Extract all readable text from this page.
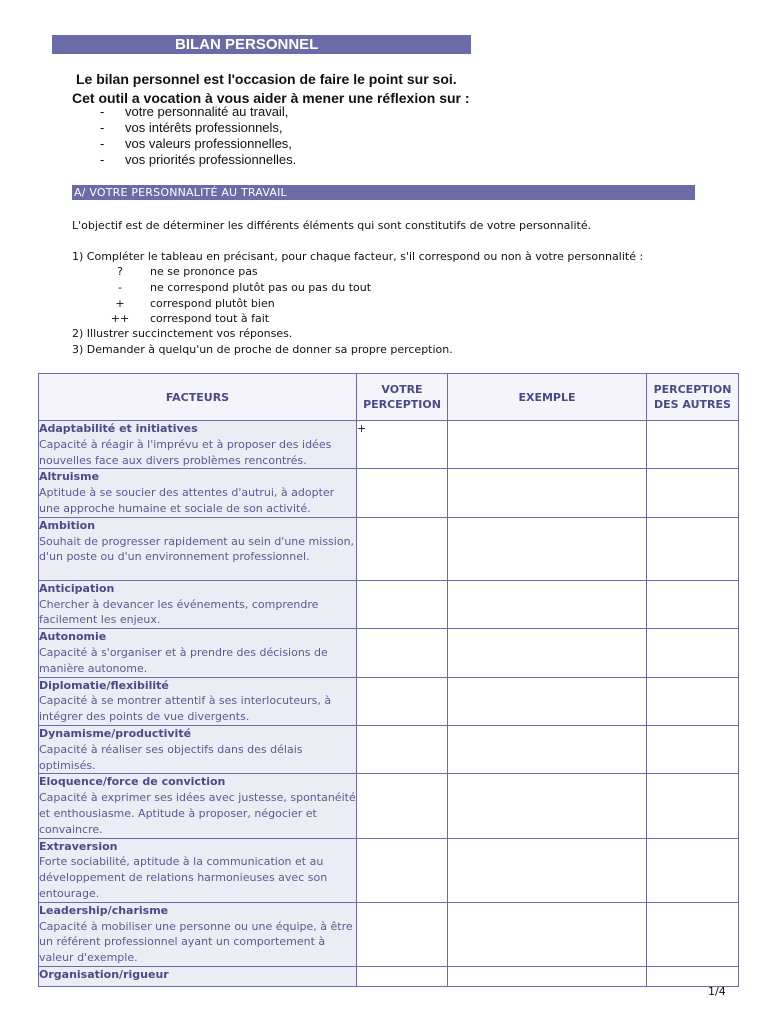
BILAN PERSONNEL
Le bilan personnel est l'occasion de faire le point sur soi.
Cet outil a vocation à vous aider à mener une réflexion sur :
- votre personnalité au travail,
- vos intérêts professionnels,
- vos valeurs professionnelles,
- vos priorités professionnelles.
A/ VOTRE PERSONNALITÉ AU TRAVAIL
L'objectif est de déterminer les différents éléments qui sont constitutifs de votre personnalité.
1) Compléter le tableau en précisant, pour chaque facteur, s'il correspond ou non à votre personnalité :
?	ne se prononce pas
-	ne correspond plutôt pas ou pas du tout
+	correspond plutôt bien
++	correspond tout à fait
2) Illustrer succinctement vos réponses.
3) Demander à quelqu'un de proche de donner sa propre perception.
FACTEURS	VOTRE PERCEPTION	EXEMPLE	PERCEPTION DES AUTRES

Adaptabilité et initiatives
Capacité à réagir à l'imprévu et à proposer des idées nouvelles face aux divers problèmes rencontrés.	+		

Altruisme
Aptitude à se soucier des attentes d'autrui, à adopter une approche humaine et sociale de son activité.			

Ambition
Souhait de progresser rapidement au sein d'une mission, d'un poste ou d'un environnement professionnel.			

Anticipation
Chercher à devancer les événements, comprendre facilement les enjeux.			

Autonomie
Capacité à s'organiser et à prendre des décisions de manière autonome.			

Diplomatie/flexibilité
Capacité à se montrer attentif à ses interlocuteurs, à intégrer des points de vue divergents.			

Dynamisme/productivité
Capacité à réaliser ses objectifs dans des délais optimisés.			

Eloquence/force de conviction
Capacité à exprimer ses idées avec justesse, spontanéité et enthousiasme. Aptitude à proposer, négocier et convaincre.			

Extraversion
Forte sociabilité, aptitude à la communication et au développement de relations harmonieuses avec son entourage.			

Leadership/charisme
Capacité à mobiliser une personne ou une équipe, à être un référent professionnel ayant un comportement à valeur d'exemple.			

Organisation/rigueur			

1/4
